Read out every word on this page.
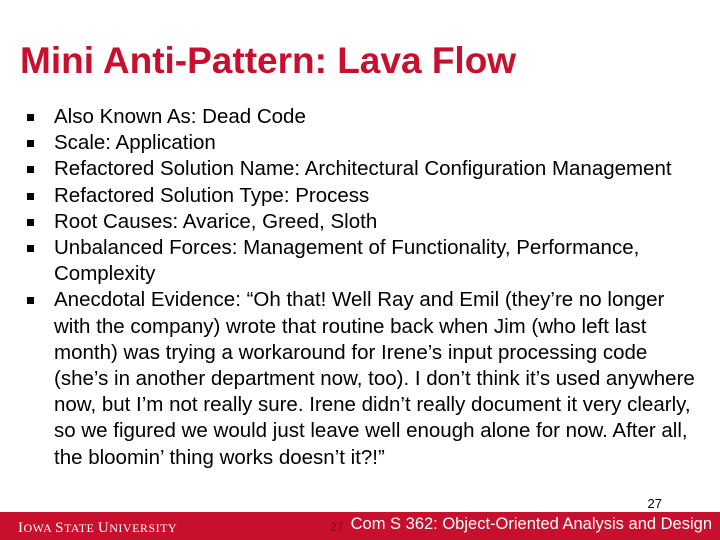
Mini Anti-Pattern: Lava Flow
Also Known As: Dead Code
Scale: Application
Refactored Solution Name: Architectural Configuration Management
Refactored Solution Type: Process
Root Causes: Avarice, Greed, Sloth
Unbalanced Forces: Management of Functionality, Performance, Complexity
Anecdotal Evidence: “Oh that! Well Ray and Emil (they’re no longer with the company) wrote that routine back when Jim (who left last month) was trying a workaround for Irene’s input processing code (she’s in another department now, too). I don’t think it’s used anywhere now, but I’m not really sure. Irene didn’t really document it very clearly, so we figured we would just leave well enough alone for now. After all, the bloomin’ thing works doesn’t it?!”
27
IOWA STATE UNIVERSITY	27 Com S 362: Object-Oriented Analysis and Design
